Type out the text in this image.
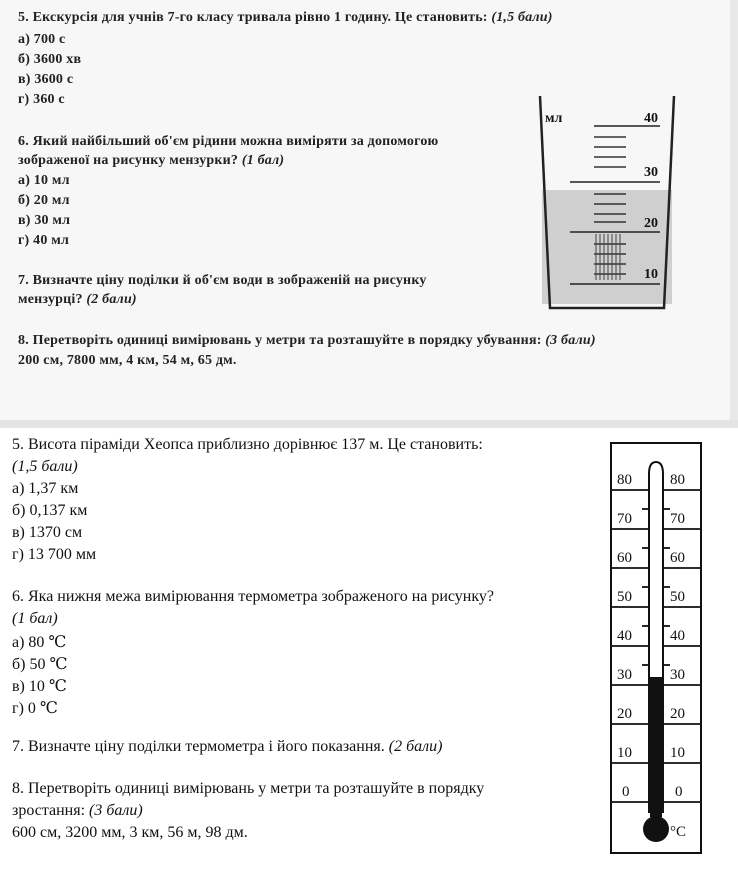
5. Екскурсія для учнів 7-го класу тривала рівно 1 годину. Це становить: (1,5 бали)
а) 700 с
б) 3600 хв
в) 3600 с
г) 360 с
6. Який найбільший об'єм рідини можна виміряти за допомогою
зображеної на рисунку мензурки? (1 бал)
а) 10 мл
б) 20 мл
в) 30 мл
г) 40 мл
7. Визначте ціну поділки й об'єм води в зображеній на рисунку
мензурці? (2 бали)
8. Перетворіть одиниці вимірювань у метри та розташуйте в порядку убування: (3 бали)
200 см, 7800 мм, 4 км, 54 м, 65 дм.
мл	40
30
20
10
5. Висота піраміди Хеопса приблизно дорівнює 137 м. Це становить:
(1,5 бали)
а) 1,37 км
б) 0,137 км
в) 1370 см
г) 13 700 мм
6. Яка нижня межа вимірювання термометра зображеного на рисунку?
(1 бал)
а) 80 ℃
б) 50 ℃
в) 10 ℃
г) 0 ℃
7. Визначте ціну поділки термометра і його показання. (2 бали)
8. Перетворіть одиниці вимірювань у метри та розташуйте в порядку
зростання: (3 бали)
600 см, 3200 мм, 3 км, 56 м, 98 дм.
80
70
60
50
40
30
20
10
0
80
70
60
50
40
30
20
10
0
°C
